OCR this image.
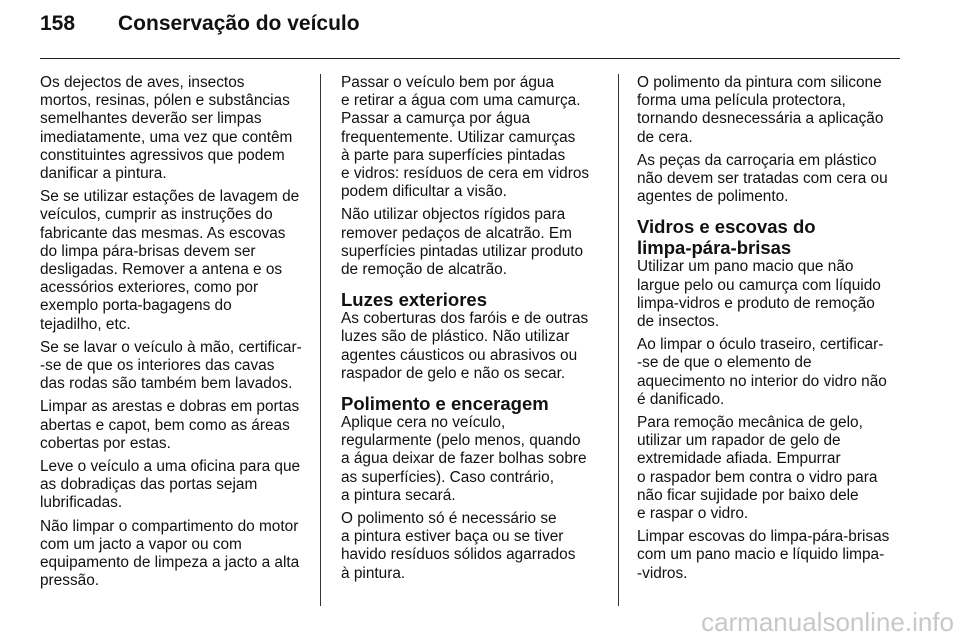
158 Conservação do veículo

Os dejectos de aves, insectos
mortos, resinas, pólen e substâncias
semelhantes deverão ser limpas
imediatamente, uma vez que contêm
constituintes agressivos que podem
danificar a pintura.

Se se utilizar estações de lavagem de
veículos, cumprir as instruções do
fabricante das mesmas. As escovas
do limpa pára-brisas devem ser
desligadas. Remover a antena e os
acessórios exteriores, como por
exemplo porta-bagagens do
tejadilho, etc.

Se se lavar o veículo à mão, certificar-
-se de que os interiores das cavas
das rodas são também bem lavados.

Limpar as arestas e dobras em portas
abertas e capot, bem como as áreas
cobertas por estas.

Leve o veículo a uma oficina para que
as dobradiças das portas sejam
lubrificadas.

Não limpar o compartimento do motor
com um jacto a vapor ou com
equipamento de limpeza a jacto a alta
pressão.

Passar o veículo bem por água
e retirar a água com uma camurça.
Passar a camurça por água
frequentemente. Utilizar camurças
à parte para superfícies pintadas
e vidros: resíduos de cera em vidros
podem dificultar a visão.

Não utilizar objectos rígidos para
remover pedaços de alcatrão. Em
superfícies pintadas utilizar produto
de remoção de alcatrão.

Luzes exteriores

As coberturas dos faróis e de outras
luzes são de plástico. Não utilizar
agentes cáusticos ou abrasivos ou
raspador de gelo e não os secar.

Polimento e enceragem

Aplique cera no veículo,
regularmente (pelo menos, quando
a água deixar de fazer bolhas sobre
as superfícies). Caso contrário,
a pintura secará.

O polimento só é necessário se
a pintura estiver baça ou se tiver
havido resíduos sólidos agarrados
à pintura.

O polimento da pintura com silicone
forma uma película protectora,
tornando desnecessária a aplicação
de cera.

As peças da carroçaria em plástico
não devem ser tratadas com cera ou
agentes de polimento.

Vidros e escovas do
limpa-pára-brisas

Utilizar um pano macio que não
largue pelo ou camurça com líquido
limpa-vidros e produto de remoção
de insectos.

Ao limpar o óculo traseiro, certificar-
-se de que o elemento de
aquecimento no interior do vidro não
é danificado.

Para remoção mecânica de gelo,
utilizar um rapador de gelo de
extremidade afiada. Empurrar
o raspador bem contra o vidro para
não ficar sujidade por baixo dele
e raspar o vidro.

Limpar escovas do limpa-pára-brisas
com um pano macio e líquido limpa-
-vidros.

carmanualsonline.info
